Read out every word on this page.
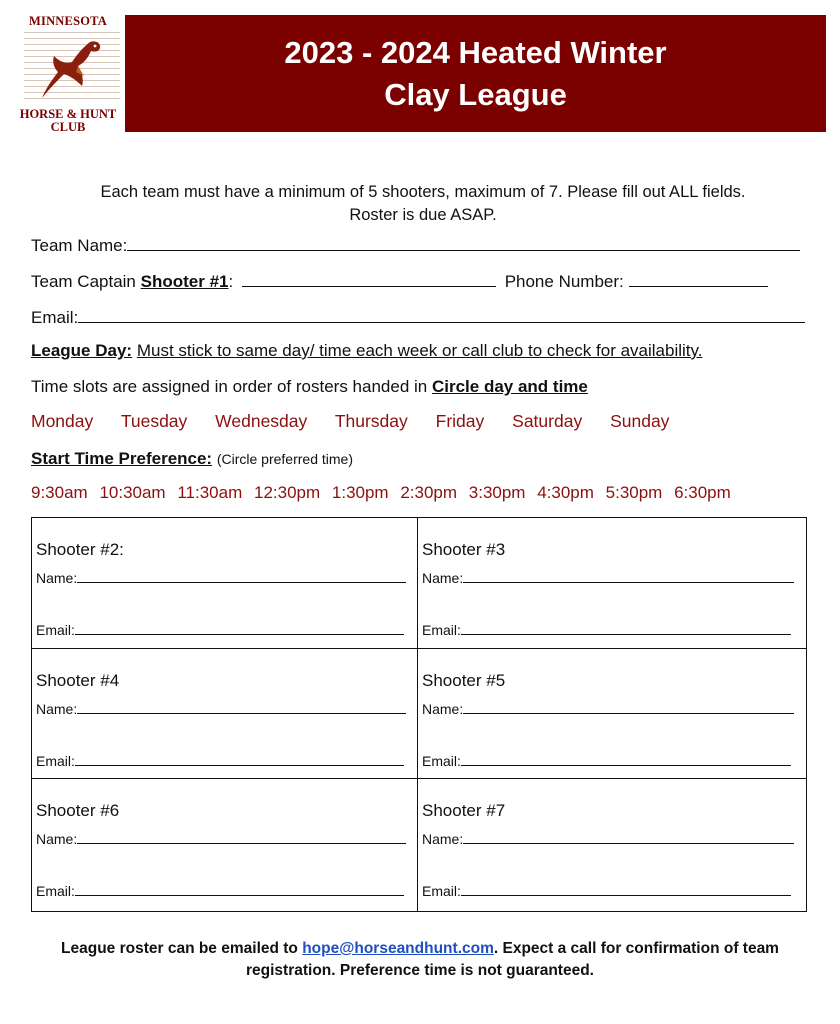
MINNESOTA
HORSE & HUNT
CLUB
2023 - 2024 Heated Winter
Clay League
Each team must have a minimum of 5 shooters, maximum of 7. Please fill out ALL fields.
Roster is due ASAP.
Team Name:
Team Captain Shooter #1:	Phone Number:
Email:
League Day: Must stick to same day/ time each week or call club to check for availability.
Time slots are assigned in order of rosters handed in Circle day and time
Monday Tuesday Wednesday Thursday Friday Saturday Sunday
Start Time Preference: (Circle preferred time)
9:30am 10:30am 11:30am 12:30pm 1:30pm 2:30pm 3:30pm 4:30pm 5:30pm 6:30pm
Shooter #2:
Name:
Email:
Shooter #3
Name:
Email:
Shooter #4
Name:
Email:
Shooter #5
Name:
Email:
Shooter #6
Name:
Email:
Shooter #7
Name:
Email:
League roster can be emailed to hope@horseandhunt.com. Expect a call for confirmation of team registration. Preference time is not guaranteed.
